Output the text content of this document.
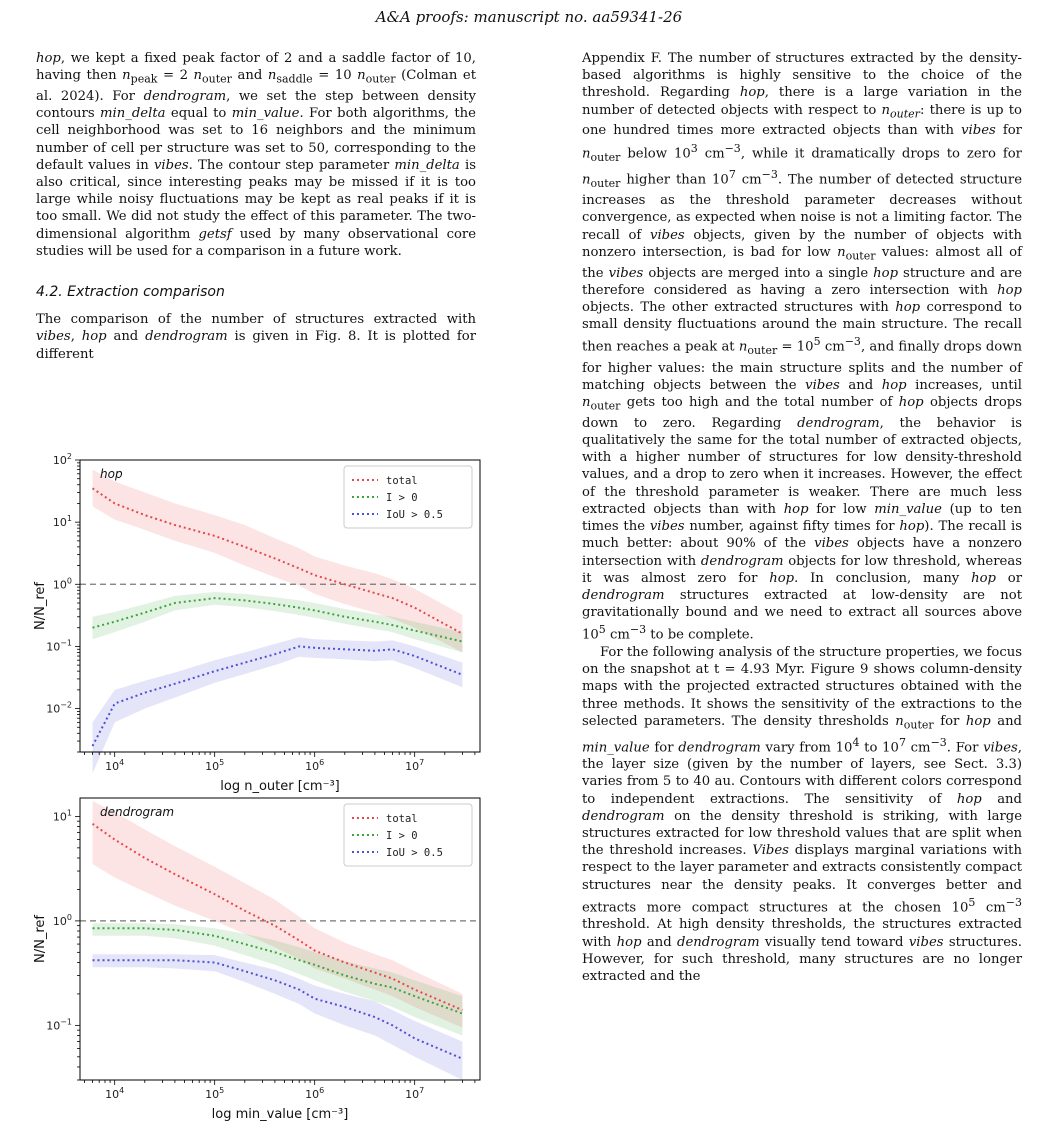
A&A proofs: manuscript no. aa59341-26

hop, we kept a fixed peak factor of 2 and a saddle factor of 10, having then $n_{peak} = 2$ $n_{outer}$ and $n_{saddle} = 10$ $n_{outer}$ (Colman et al. 2024). For dendrogram, we set the step between density contours min_delta equal to min_value. For both algorithms, the cell neighborhood was set to 16 neighbors and the minimum number of cell per structure was set to 50, corresponding to the default values in vibes. The contour step parameter min_delta is also critical, since interesting peaks may be missed if it is too large while noisy fluctuations may be kept as real peaks if it is too small. We did not study the effect of this parameter. The two-dimensional algorithm getsf used by many observational core studies will be used for a comparison in a future work.

4.2. Extraction comparison

The comparison of the number of structures extracted with vibes, hop and dendrogram is given in Fig. 8. It is plotted for different

Appendix F. The number of structures extracted by the density-based algorithms is highly sensitive to the choice of the threshold. Regarding hop, there is a large variation in the number of detected objects with respect to $n_{outer}$: there is up to one hundred times more extracted objects than with vibes for $n_{outer}$ below $10^3$ $cm^{-3}$, while it dramatically drops to zero for $n_{outer}$ higher than $10^7$ $cm^{-3}$. The number of detected structure increases as the threshold parameter decreases without convergence, as expected when noise is not a limiting factor. The recall of vibes objects, given by the number of objects with nonzero intersection, is bad for low $n_{outer}$ values: almost all of the vibes objects are merged into a single hop structure and are therefore considered as having a zero intersection with hop objects. The other extracted structures with hop correspond to small density fluctuations around the main structure. The recall then reaches a peak at $n_{outer} = 10^5$ $cm^{-3}$, and finally drops down for higher values: the main structure splits and the number of matching objects between the vibes and hop increases, until $n_{outer}$ gets too high and the total number of hop objects drops down to zero. Regarding dendrogram, the behavior is qualitatively the same for the total number of extracted objects, with a higher number of structures for low density-threshold values, and a drop to zero when it increases. However, the effect of the threshold parameter is weaker. There are much less extracted objects than with hop for low min_value (up to ten times the vibes number, against fifty times for hop). The recall is much better: about 90% of the vibes objects have a nonzero intersection with dendrogram objects for low threshold, whereas it was almost zero for hop. In conclusion, many hop or dendrogram structures extracted at low-density are not gravitationally bound and we need to extract all sources above $10^5$ $cm^{-3}$ to be complete.

For the following analysis of the structure properties, we focus on the snapshot at t = 4.93 Myr. Figure 9 shows column-density maps with the projected extracted structures obtained with the three methods. It shows the sensitivity of the extractions to the selected parameters. The density thresholds $n_{outer}$ for hop and min_value for dendrogram vary from $10^4$ to $10^7$ $cm^{-3}$. For vibes, the layer size (given by the number of layers, see Sect. 3.3) varies from 5 to 40 au. Contours with different colors correspond to independent extractions. The sensitivity of hop and dendrogram on the density threshold is striking, with large structures extracted for low threshold values that are split when the threshold increases. Vibes displays marginal variations with respect to the layer parameter and extracts consistently compact structures near the density peaks. It converges better and extracts more compact structures at the chosen $10^5$ $cm^{-3}$ threshold. At high density thresholds, the structures extracted with hop and dendrogram visually tend toward vibes structures. However, for such threshold, many structures are no longer extracted and the

$10^4$	$10^5$	$10^6$	$10^7$
$10^{-2}$
$10^{-1}$
$10^0$
$10^1$
$10^2$
hop
log n_outer [cm⁻³]
N/N_ref
total
I > 0
IoU > 0.5
$10^4$	$10^5$	$10^6$	$10^7$
$10^{-1}$
$10^0$
$10^1$ dendrogram
log min_value [cm⁻³]
N/N_ref
total
I > 0
IoU > 0.5
